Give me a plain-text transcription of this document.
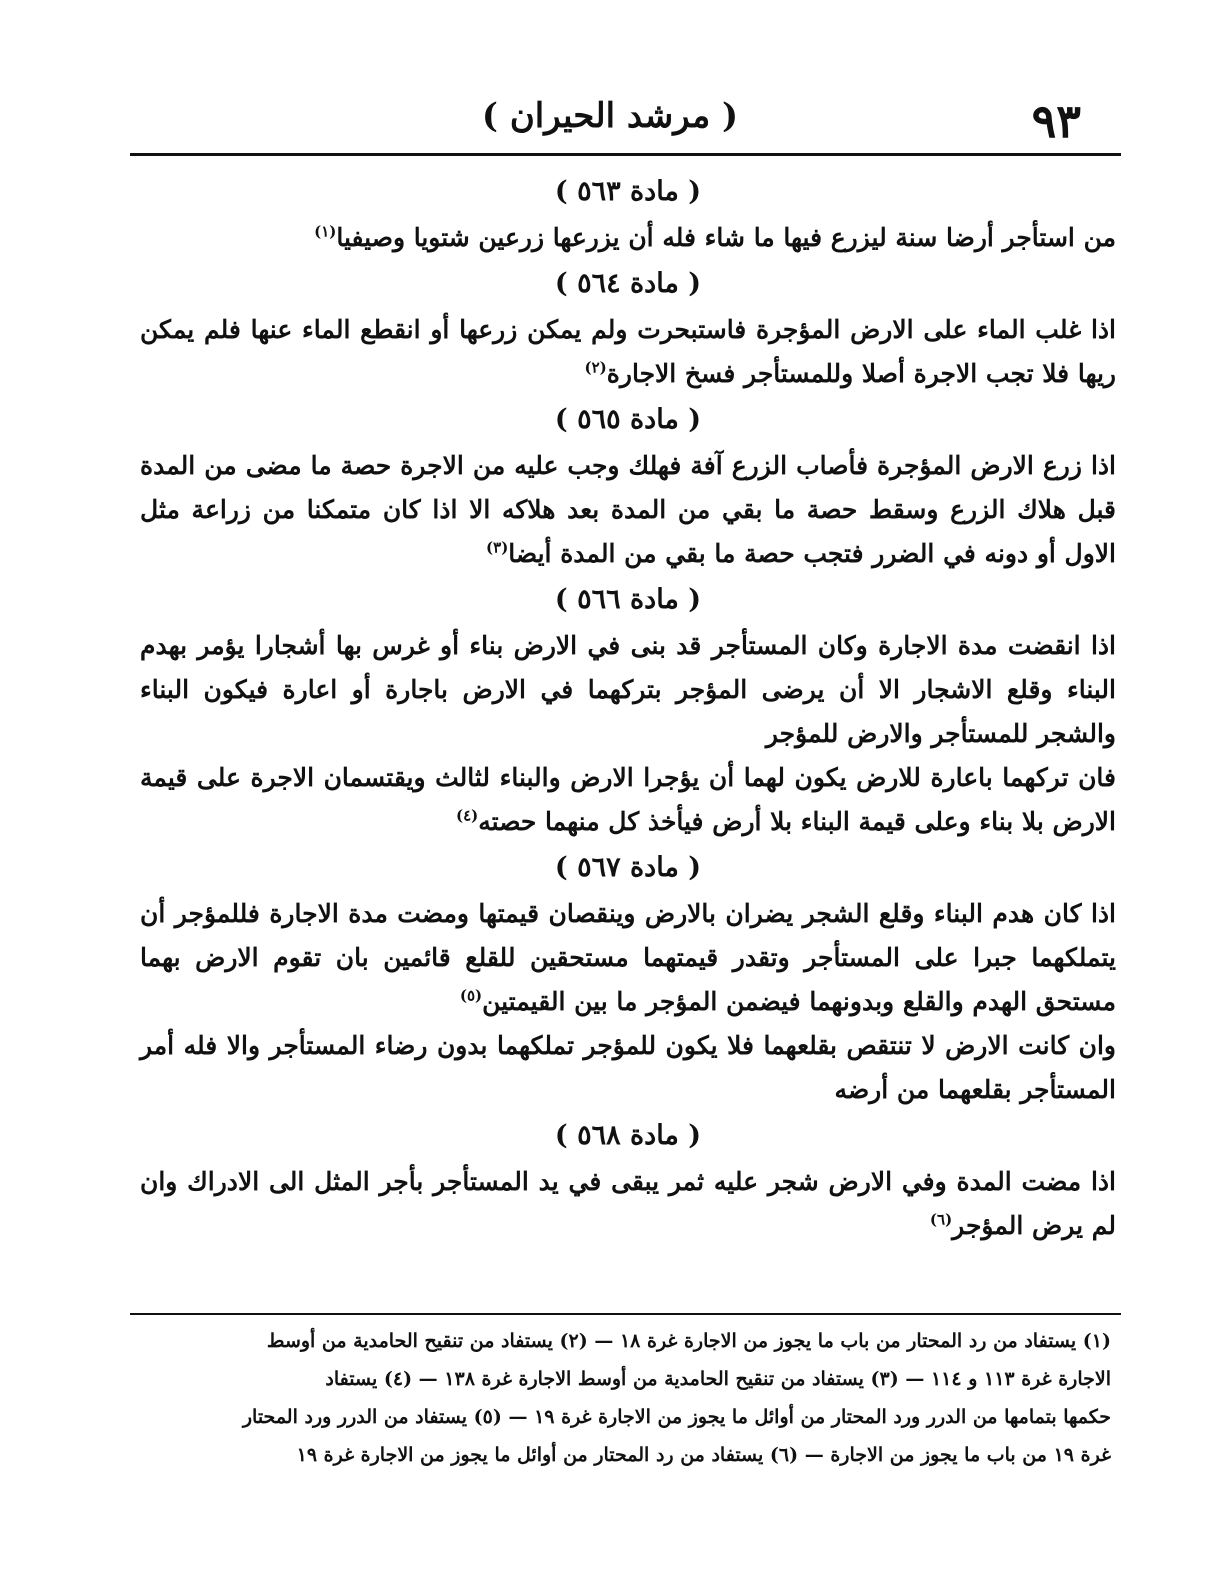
٩٣
( مرشد الحيران )
( مادة ٥٦٣ )

من استأجر أرضا سنة ليزرع فيها ما شاء فله أن يزرعها زرعين شتويا وصيفيا$^{(١)}$

( مادة ٥٦٤ )

اذا غلب الماء على الارض المؤجرة فاستبحرت ولم يمكن زرعها أو انقطع الماء عنها فلم يمكن ريها فلا تجب الاجرة أصلا وللمستأجر فسخ الاجارة$^{(٢)}$

( مادة ٥٦٥ )

اذا زرع الارض المؤجرة فأصاب الزرع آفة فهلك وجب عليه من الاجرة حصة ما مضى من المدة قبل هلاك الزرع وسقط حصة ما بقي من المدة بعد هلاكه الا اذا كان متمكنا من زراعة مثل الاول أو دونه في الضرر فتجب حصة ما بقي من المدة أيضا$^{(٣)}$

( مادة ٥٦٦ )

اذا انقضت مدة الاجارة وكان المستأجر قد بنى في الارض بناء أو غرس بها أشجارا يؤمر بهدم البناء وقلع الاشجار الا أن يرضى المؤجر بتركهما في الارض باجارة أو اعارة فيكون البناء والشجر للمستأجر والارض للمؤجر

فان تركهما باعارة للارض يكون لهما أن يؤجرا الارض والبناء لثالث ويقتسمان الاجرة على قيمة الارض بلا بناء وعلى قيمة البناء بلا أرض فيأخذ كل منهما حصته$^{(٤)}$

( مادة ٥٦٧ )

اذا كان هدم البناء وقلع الشجر يضران بالارض وينقصان قيمتها ومضت مدة الاجارة فللمؤجر أن يتملكهما جبرا على المستأجر وتقدر قيمتهما مستحقين للقلع قائمين بان تقوم الارض بهما مستحق الهدم والقلع وبدونهما فيضمن المؤجر ما بين القيمتين$^{(٥)}$

وان كانت الارض لا تنتقص بقلعهما فلا يكون للمؤجر تملكهما بدون رضاء المستأجر والا فله أمر المستأجر بقلعهما من أرضه

( مادة ٥٦٨ )

اذا مضت المدة وفي الارض شجر عليه ثمر يبقى في يد المستأجر بأجر المثل الى الادراك وان لم يرض المؤجر$^{(٦)}$

(١) يستفاد من رد المحتار من باب ما يجوز من الاجارة غرة ١٨ — (٢) يستفاد من تنقيح الحامدية من أوسط

الاجارة غرة ١١٣ و ١١٤ — (٣) يستفاد من تنقيح الحامدية من أوسط الاجارة غرة ١٣٨ — (٤) يستفاد

حكمها بتمامها من الدرر ورد المحتار من أوائل ما يجوز من الاجارة غرة ١٩ — (٥) يستفاد من الدرر ورد المحتار

غرة ١٩ من باب ما يجوز من الاجارة — (٦) يستفاد من رد المحتار من أوائل ما يجوز من الاجارة غرة ١٩
